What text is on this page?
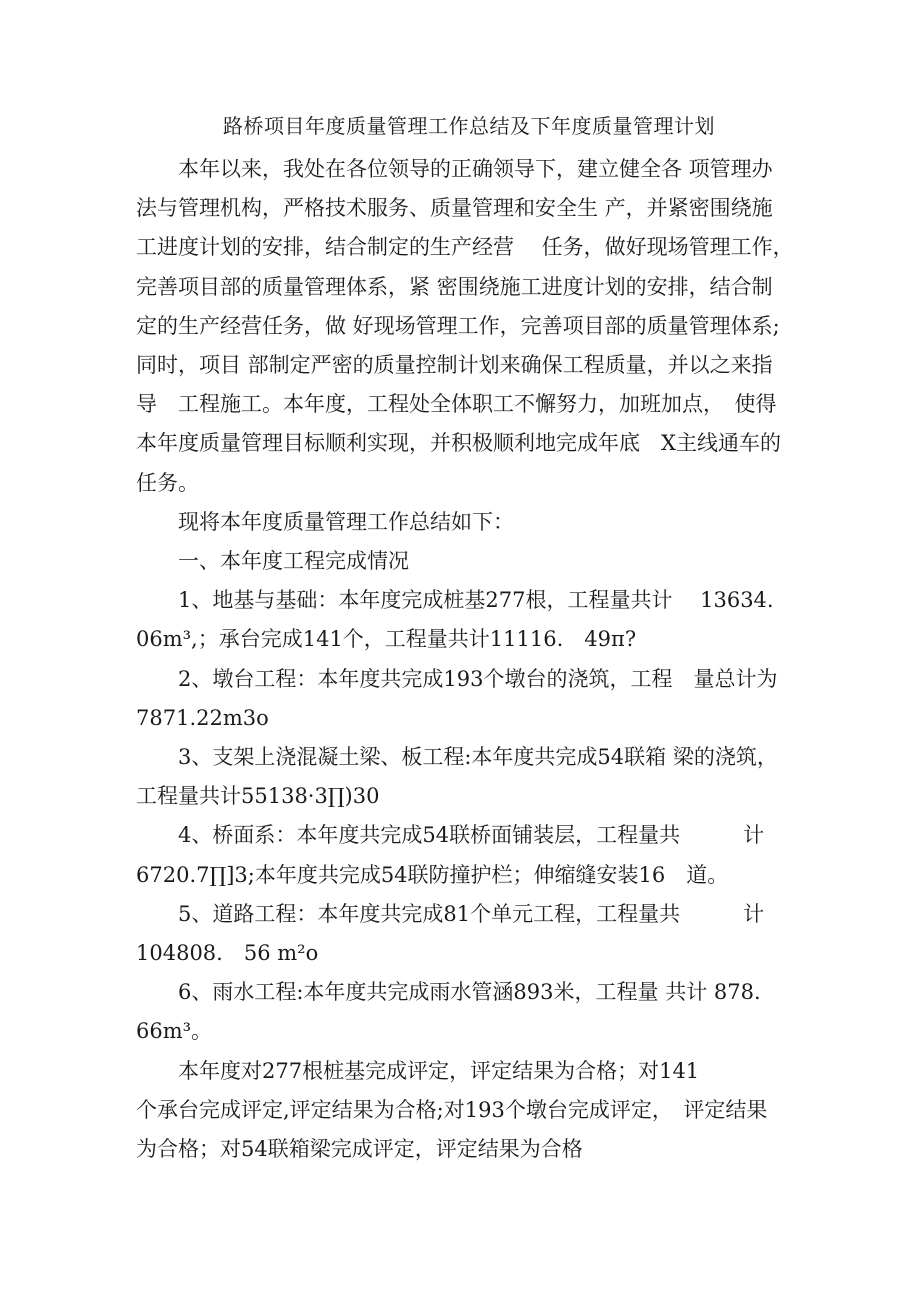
路桥项目年度质量管理工作总结及下年度质量管理计划
本年以来，我处在各位领导的正确领导下，建立健全各 项管理办
法与管理机构，严格技术服务、质量管理和安全生 产，并紧密围绕施
工进度计划的安排，结合制定的生产经营　 任务，做好现场管理工作，
完善项目部的质量管理体系，紧 密围绕施工进度计划的安排，结合制
定的生产经营任务，做 好现场管理工作，完善项目部的质量管理体系;
同时，项目 部制定严密的质量控制计划来确保工程质量，并以之来指
导　工程施工。本年度，工程处全体职工不懈努力，加班加点，　使得
本年度质量管理目标顺利实现，并积极顺利地完成年底　X主线通车的
任务。
现将本年度质量管理工作总结如下：
一、本年度工程完成情况
1、地基与基础：本年度完成桩基277根，工程量共计　 13634.
06m³,；承台完成141个，工程量共计11116.　49π?
2、墩台工程：本年度共完成193个墩台的浇筑，工程　量总计为
7871.22m3o
3、支架上浇混凝土梁、板工程:本年度共完成54联箱 梁的浇筑，
工程量共计55138·3∏)30
4、桥面系：本年度共完成54联桥面铺装层，工程量共　　　计
6720.7∏]3;本年度共完成54联防撞护栏；伸缩缝安装16　道。
5、道路工程：本年度共完成81个单元工程，工程量共　　　计
104808.　56 m²o
6、雨水工程:本年度共完成雨水管涵893米，工程量 共计 878.
66m³。
本年度对277根桩基完成评定，评定结果为合格；对141
个承台完成评定,评定结果为合格;对193个墩台完成评定，　评定结果
为合格；对54联箱梁完成评定，评定结果为合格
